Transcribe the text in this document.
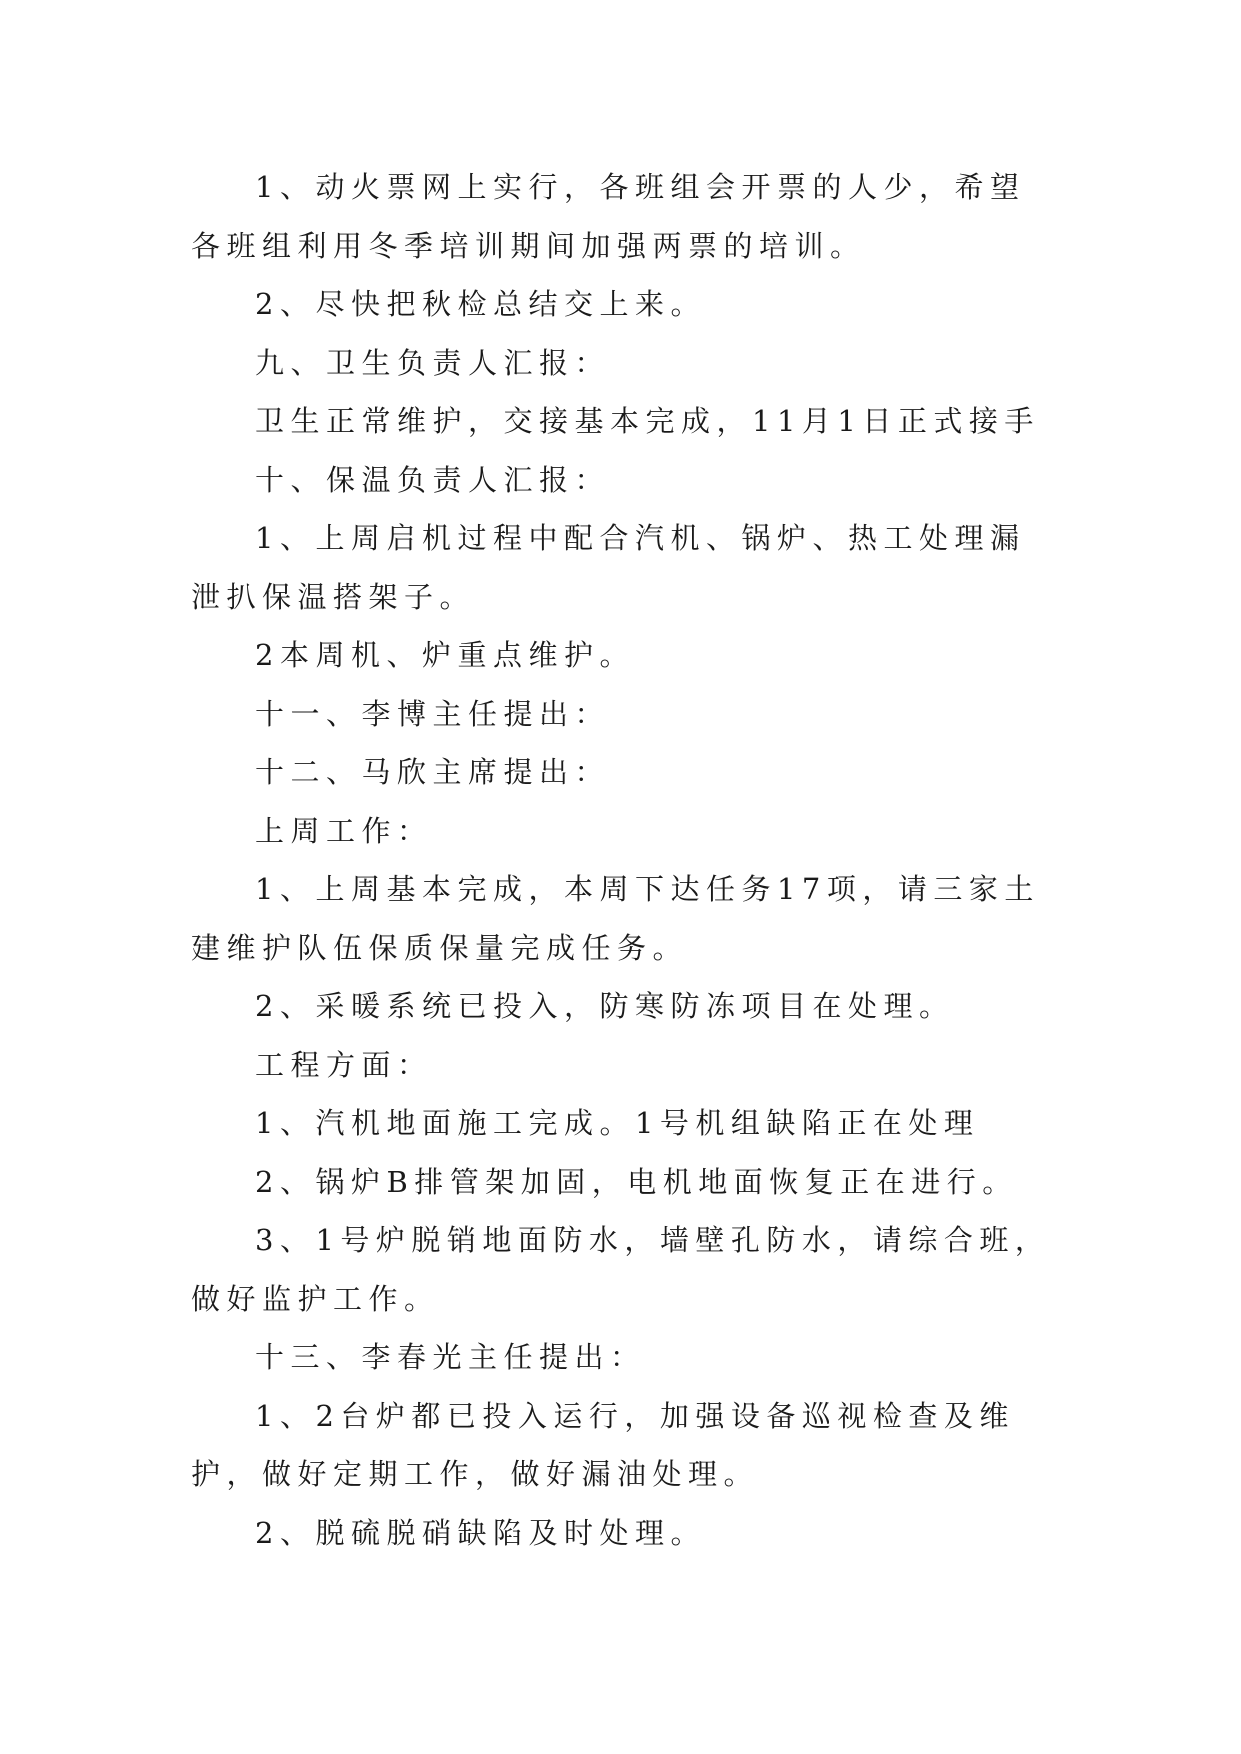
1、动火票网上实行，各班组会开票的人少，希望各班组利用冬季培训期间加强两票的培训。

2、尽快把秋检总结交上来。

九、卫生负责人汇报：

卫生正常维护，交接基本完成，11月1日正式接手

十、保温负责人汇报：

1、上周启机过程中配合汽机、锅炉、热工处理漏泄扒保温搭架子。

2本周机、炉重点维护。

十一、李博主任提出：

十二、马欣主席提出：

上周工作：

1、上周基本完成，本周下达任务17项，请三家土建维护队伍保质保量完成任务。

2、采暖系统已投入，防寒防冻项目在处理。

工程方面：

1、汽机地面施工完成。1号机组缺陷正在处理

2、锅炉B排管架加固，电机地面恢复正在进行。

3、1号炉脱销地面防水，墙壁孔防水，请综合班，做好监护工作。

十三、李春光主任提出：

1、2台炉都已投入运行，加强设备巡视检查及维护，做好定期工作，做好漏油处理。

2、脱硫脱硝缺陷及时处理。
